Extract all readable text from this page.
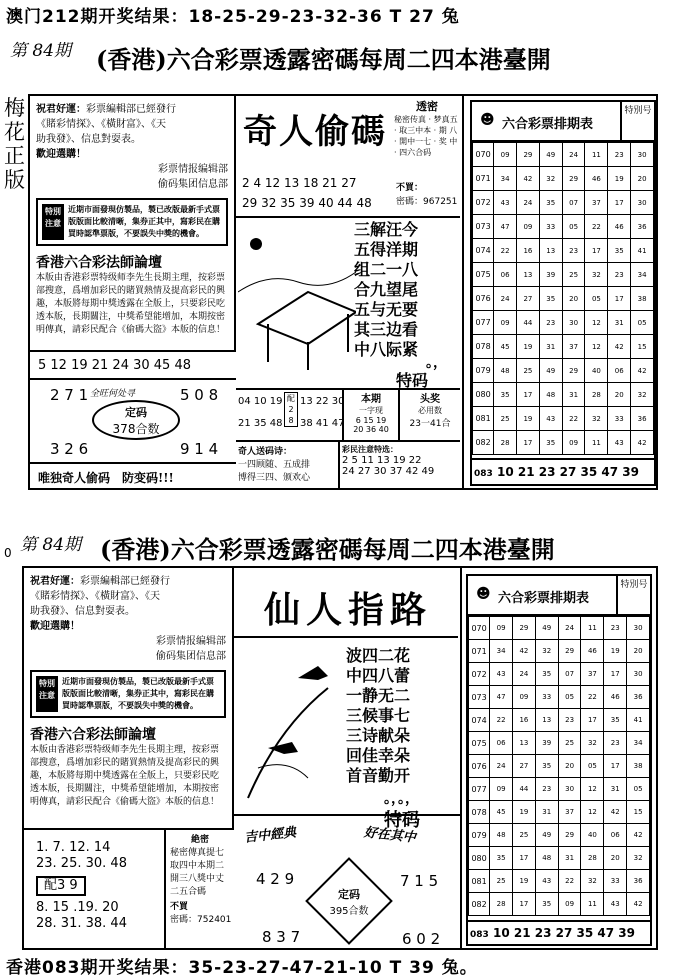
澳门212期开奖结果：18-25-29-23-32-36 T 27 兔
第 84期 (香港)六合彩票透露密碼每周二四本港臺開
梅花正版
祝君好運：彩票編輯部已經發行
《賭彩情探》、《橫財富》、《天
助我發》、信息對耍表。
歡迎選購！
彩票情报编辑部
偷码集团信息部
特別注意
近期市面發現仿製品，製已改版最新手式票版版面比較清晰，集券正其中，寫彩民在購買時認準票版，不要誤失中獎的機會。
香港六合彩法師論壇
本版由香港彩票特级师李先生長期主理，按彩票部搜意，爲增加彩民的賭買熱情及提高彩民的興趣，本版將每期中獎透露在全版上，只要彩民吃透本版，長期關注，中獎希望能增加，本期按密明傳真，請彩民配合《偷碼大盜》本版的信息！
5 12 19 21 24 30 45 48
2 7 1	5 0 8
全旺何处寻
定码
378合数
3 2 6	9 1 4
唯独奇人偷码　防变码!!!
奇人偷碼
透密
秘密传真 · 梦真五 · 取三中本 · 期 八 · 開中一七 · 奖 中 · 四六合码
2 4 12 13 18 21 27
29 32 35 39 40 44 48
不買：
密碼：967251
三解汪今
五得洋期
组二一八
合九望尾
五与无要
其三边看
中八际紧
。，
特码
04 10 19
21 35 48
配2 8
13 22 30
38 41 47
本期
一字现
6 15 19
20 36 40
头奖
必用数
23一41合
奇人送码诗：
一四顾随、五成排
博得三四、颁欢心
彩民注意特选：
2 5 11 13 19 22
24 27 30 37 42 49
六合彩票排期表
☻
特別号
070	09	29	49	24	11	23	30
071	34	42	32	29	46	19	20
072	43	24	35	07	37	17	30
073	47	09	33	05	22	46	36
074	22	16	13	23	17	35	41
075	06	13	39	25	32	23	34
076	24	27	35	20	05	17	38
077	09	44	23	30	12	31	05
078	45	19	31	37	12	42	15
079	48	25	49	29	40	06	42
080	35	17	48	31	28	20	32
081	25	19	43	22	32	33	36
082	28	17	35	09	11	43	42
083 10 21 23 27 35 47 39
0 第 84期 (香港)六合彩票透露密碼每周二四本港臺開
祝君好運：彩票編輯部已經發行
《賭彩情探》、《橫財富》、《天
助我發》、信息對耍表。
歡迎選購！
彩票情报编辑部
偷码集团信息部
特別注意
近期市面發現仿製品，製已改版最新手式票版版面比較清晰，集券正其中，寫彩民在購買時認準票版，不要誤失中獎的機會。
香港六合彩法師論壇
本版由香港彩票特级师李先生長期主理，按彩票部搜意，爲增加彩民的賭買熱情及提高彩民的興趣，本版將每期中獎透露在全版上，只要彩民吃透本版，長期關注，中獎希望能增加，本期按密明傳真，請彩民配合《偷碼大盜》本版的信息！
1. 7. 12. 14
23. 25. 30. 48
配3 9
8. 15 .19. 20
28. 31. 38. 44
絶密
秘密傳真提七 取四中本期二 開三八獎中丈 二五合碼
不買
密碼：752401
仙人指路
波四二花
中四八蕾
一静无二
三候事七
三诗献朵
回佳幸朵
首音勤开
。，。，
特码
吉中經典	好在其中
4 2 9	7 1 5
8 3 7	6 0 2
定码
395合数
六合彩票排期表
☻
特別号
070	09	29	49	24	11	23	30
071	34	42	32	29	46	19	20
072	43	24	35	07	37	17	30
073	47	09	33	05	22	46	36
074	22	16	13	23	17	35	41
075	06	13	39	25	32	23	34
076	24	27	35	20	05	17	38
077	09	44	23	30	12	31	05
078	45	19	31	37	12	42	15
079	48	25	49	29	40	06	42
080	35	17	48	31	28	20	32
081	25	19	43	22	32	33	36
082	28	17	35	09	11	43	42
083 10 21 23 27 35 47 39
香港083期开奖结果：35-23-27-47-21-10 T 39 兔。
